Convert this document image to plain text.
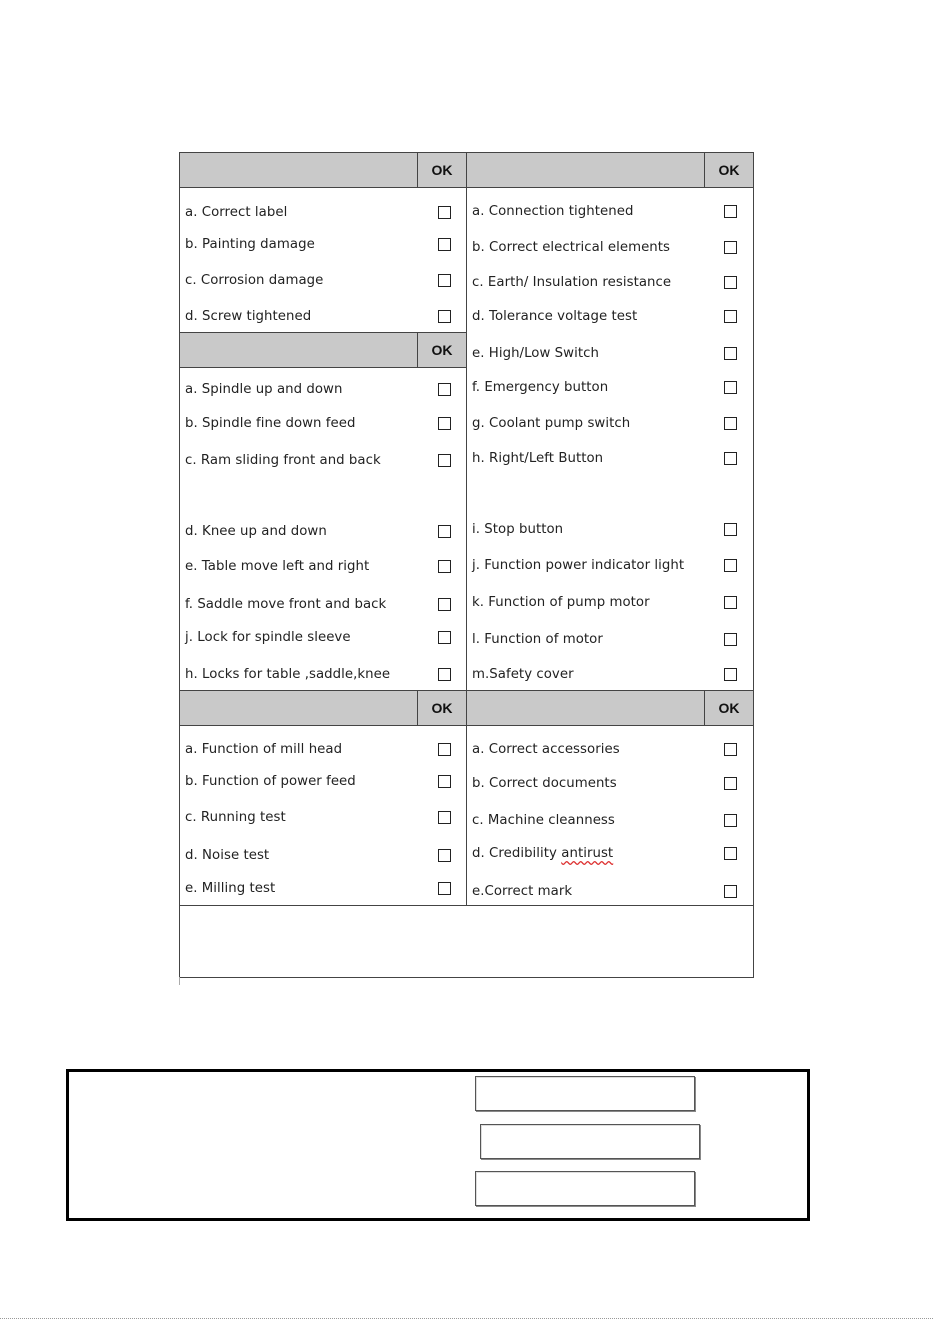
OK
a. Correct label
b. Painting damage
c. Corrosion damage
d. Screw tightened
OK
a. Spindle up and down
b. Spindle fine down feed
c. Ram sliding front and back
d. Knee up and down
e. Table move left and right
f. Saddle move front and back
j. Lock for spindle sleeve
h. Locks for table ,saddle,knee
OK
a. Function of mill head
b. Function of power feed
c. Running test
d. Noise test
e. Milling test
OK
a. Connection tightened
b. Correct electrical elements
c. Earth/ Insulation resistance
d. Tolerance voltage test
e. High/Low Switch
f. Emergency button
g. Coolant pump switch
h. Right/Left Button
i. Stop button
j. Function power indicator light
k. Function of pump motor
l. Function of motor
m.Safety cover
OK
a. Correct accessories
b. Correct documents
c. Machine cleanness
d. Credibility antirust
e.Correct mark
